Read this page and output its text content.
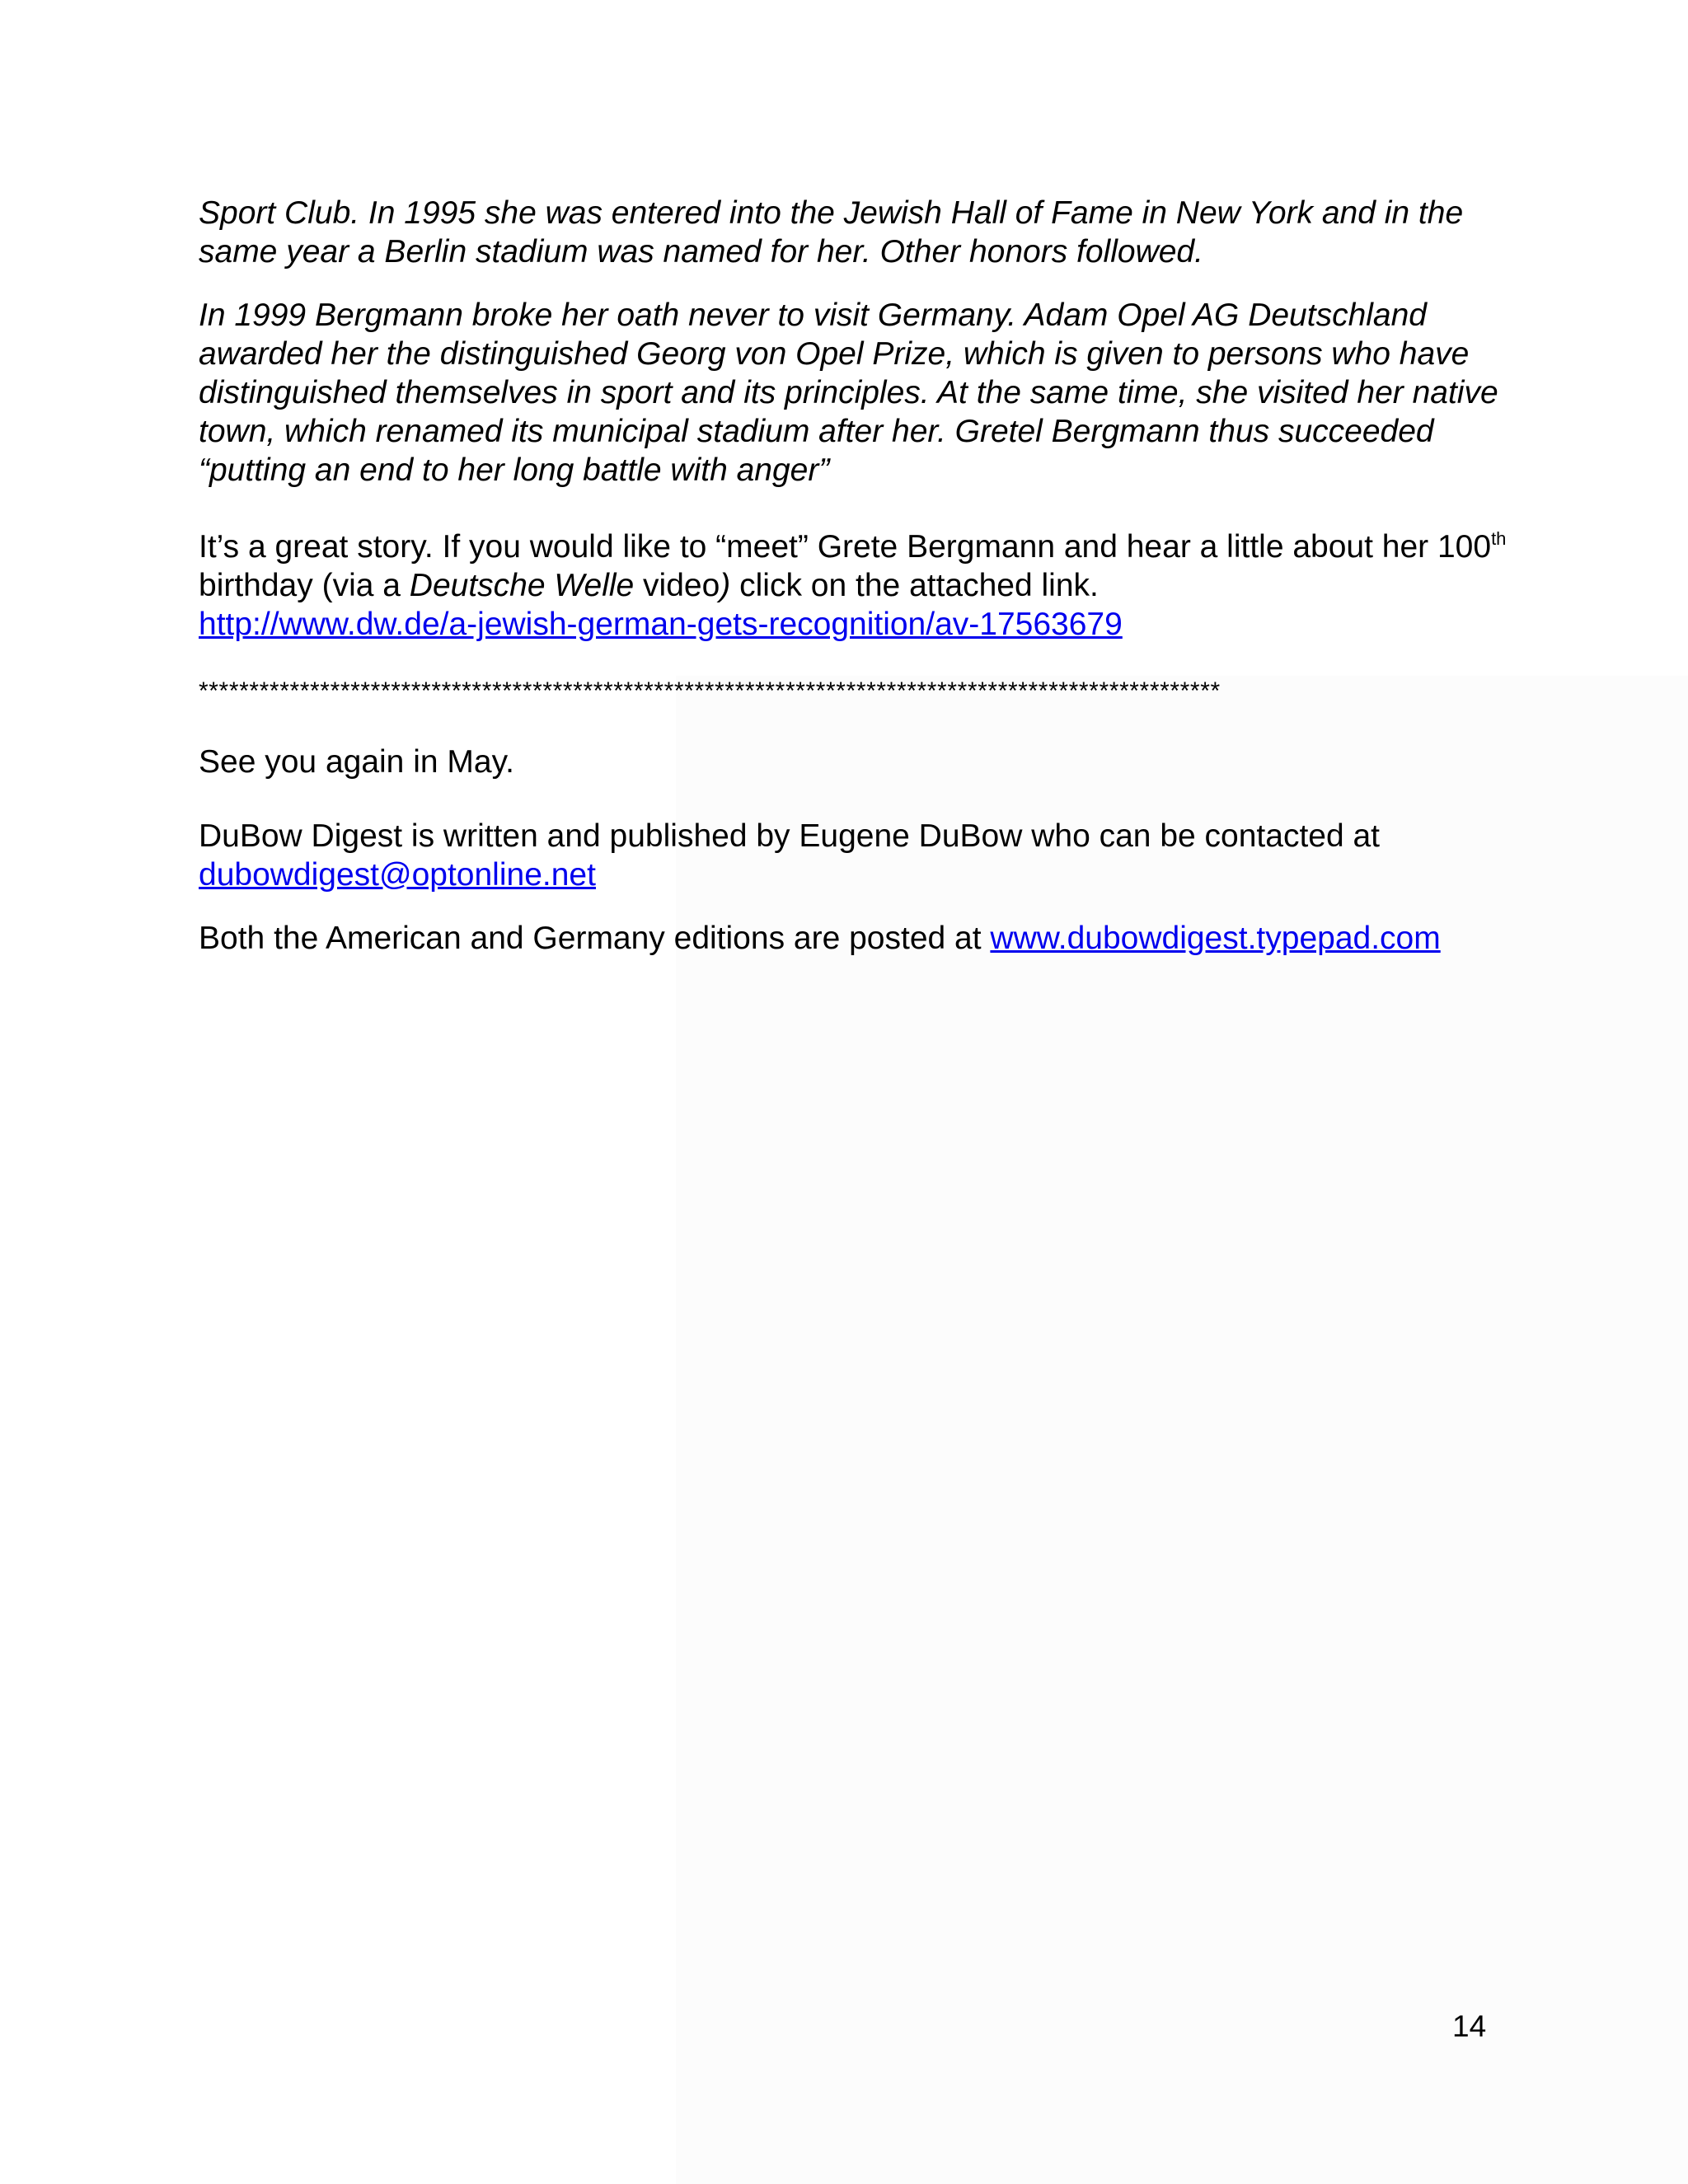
Sport Club. In 1995 she was entered into the Jewish Hall of Fame in New York and in the same year a Berlin stadium was named for her. Other honors followed.

In 1999 Bergmann broke her oath never to visit Germany. Adam Opel AG Deutschland awarded her the distinguished Georg von Opel Prize, which is given to persons who have distinguished themselves in sport and its principles. At the same time, she visited her native town, which renamed its municipal stadium after her. Gretel Bergmann thus succeeded “putting an end to her long battle with anger”

It’s a great story. If you would like to “meet” Grete Bergmann and hear a little about her 100th birthday (via a Deutsche Welle video) click on the attached link.
http://www.dw.de/a-jewish-german-gets-recognition/av-17563679

*****************************************************************************************************

See you again in May.

DuBow Digest is written and published by Eugene DuBow who can be contacted at
dubowdigest@optonline.net

Both the American and Germany editions are posted at www.dubowdigest.typepad.com

14
